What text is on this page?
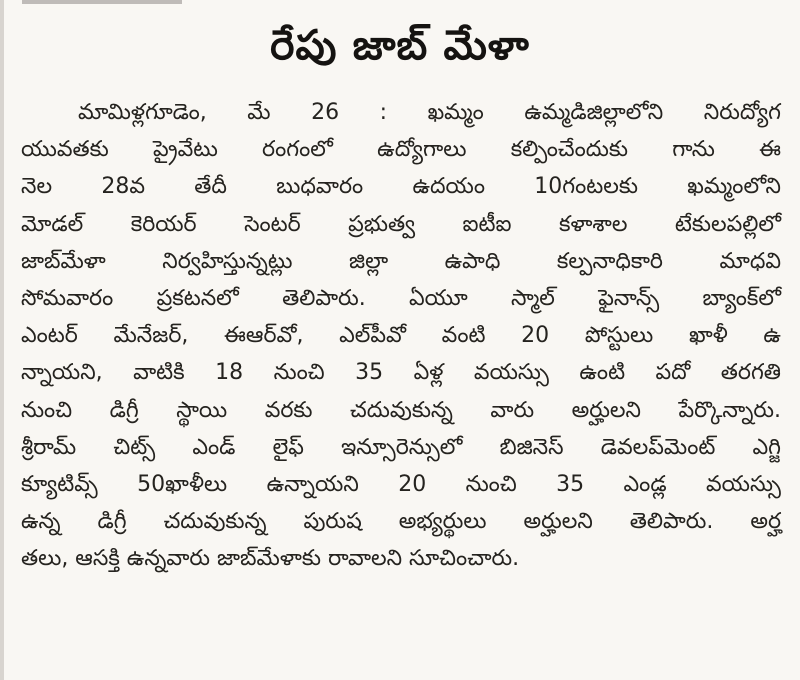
రేపు జాబ్ మేళా
మామిళ్లగూడెం, మే 26 : ఖమ్మం ఉమ్మడిజిల్లాలోని నిరుద్యోగ
యువతకు ప్రైవేటు రంగంలో ఉద్యోగాలు కల్పించేందుకు గాను ఈ
నెల 28వ తేదీ బుధవారం ఉదయం 10గంటలకు ఖమ్మంలోని
మోడల్ కెరియర్ సెంటర్ ప్రభుత్వ ఐటీఐ కళాశాల టేకులపల్లిలో
జాబ్‌మేళా నిర్వహిస్తున్నట్లు జిల్లా ఉపాధి కల్పనాధికారి మాధవి
సోమవారం ప్రకటనలో తెలిపారు. ఏయూ స్మాల్ ఫైనాన్స్ బ్యాంక్‌లో
ఎంటర్ మేనేజర్, ఈఆర్‌వో, ఎల్‌పీవో వంటి 20 పోస్టులు ఖాళీ ఉ
న్నాయని, వాటికి 18 నుంచి 35 ఏళ్ల వయస్సు ఉంటి పదో తరగతి
నుంచి డిగ్రీ స్థాయి వరకు చదువుకున్న వారు అర్హులని పేర్కొన్నారు.
శ్రీరామ్ చిట్స్ ఎండ్ లైఫ్ ఇన్సూరెన్సులో బిజినెస్ డెవలప్‌మెంట్ ఎగ్జి
క్యూటివ్స్ 50ఖాళీలు ఉన్నాయని 20 నుంచి 35 ఎండ్ల వయస్సు
ఉన్న డిగ్రీ చదువుకున్న పురుష అభ్యర్థులు అర్హులని తెలిపారు. అర్హ
తలు, ఆసక్తి ఉన్నవారు జాబ్‌మేళాకు రావాలని సూచించారు.
